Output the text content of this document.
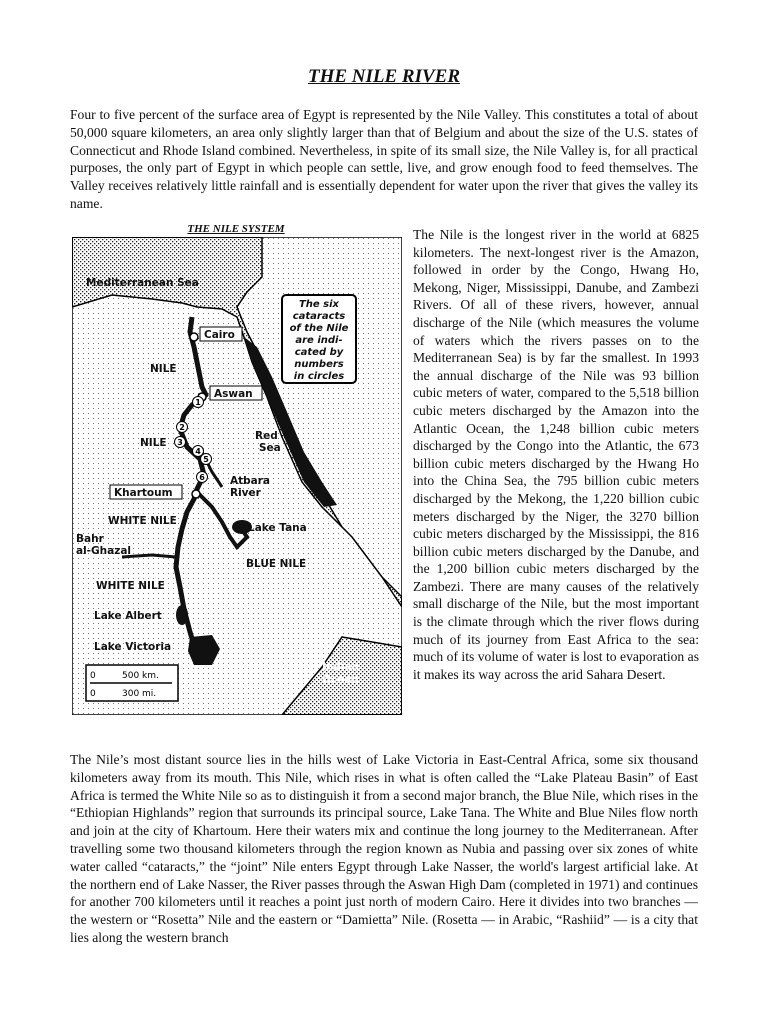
THE NILE RIVER

Four to five percent of the surface area of Egypt is represented by the Nile Valley. This constitutes a total of about 50,000 square kilometers, an area only slightly larger than that of Belgium and about the size of the U.S. states of Connecticut and Rhode Island combined. Nevertheless, in spite of its small size, the Nile Valley is, for all practical purposes, the only part of Egypt in which people can settle, live, and grow enough food to feed themselves. The Valley receives relatively little rainfall and is essentially dependent for water upon the river that gives the valley its name.

THE NILE SYSTEM
1
2
3
4
5
6
Mediterranean Sea
Cairo
NILE
Aswan
NILE
Red
Sea
Atbara
River
Khartoum
WHITE NILE
Lake Tana
Bahr
al-Ghazal
BLUE NILE
WHITE NILE
Lake Albert
Lake Victoria
Indian
Ocean
The six
cataracts
of the Nile
are indi-
cated by
numbers
in circles
0	500 km.
0	300 mi.

The Nile is the longest river in the world at 6825 kilometers. The next-longest river is the Amazon, followed in order by the Congo, Hwang Ho, Mekong, Niger, Mississippi, Danube, and Zambezi Rivers. Of all of these rivers, however, annual discharge of the Nile (which measures the volume of waters which the rivers passes on to the Mediterranean Sea) is by far the smallest. In 1993 the annual discharge of the Nile was 93 billion cubic meters of water, compared to the 5,518 billion cubic meters discharged by the Amazon into the Atlantic Ocean, the 1,248 billion cubic meters discharged by the Congo into the Atlantic, the 673 billion cubic meters discharged by the Hwang Ho into the China Sea, the 795 billion cubic meters discharged by the Mekong, the 1,220 billion cubic meters discharged by the Niger, the 3270 billion cubic meters discharged by the Mississippi, the 816 billion cubic meters discharged by the Danube, and the 1,200 billion cubic meters discharged by the Zambezi. There are many causes of the relatively small discharge of the Nile, but the most important is the climate through which the river flows during much of its journey from East Africa to the sea: much of its volume of water is lost to evaporation as it makes its way across the arid Sahara Desert.

The Nile’s most distant source lies in the hills west of Lake Victoria in East-Central Africa, some six thousand kilometers away from its mouth. This Nile, which rises in what is often called the “Lake Plateau Basin” of East Africa is termed the White Nile so as to distinguish it from a second major branch, the Blue Nile, which rises in the “Ethiopian Highlands” region that surrounds its principal source, Lake Tana. The White and Blue Niles flow north and join at the city of Khartoum. Here their waters mix and continue the long journey to the Mediterranean. After travelling some two thousand kilometers through the region known as Nubia and passing over six zones of white water called “cataracts,” the “joint” Nile enters Egypt through Lake Nasser, the world's largest artificial lake. At the northern end of Lake Nasser, the River passes through the Aswan High Dam (completed in 1971) and continues for another 700 kilometers until it reaches a point just north of modern Cairo. Here it divides into two branches — the western or “Rosetta” Nile and the eastern or “Damietta” Nile. (Rosetta — in Arabic, “Rashiid” — is a city that lies along the western branch
